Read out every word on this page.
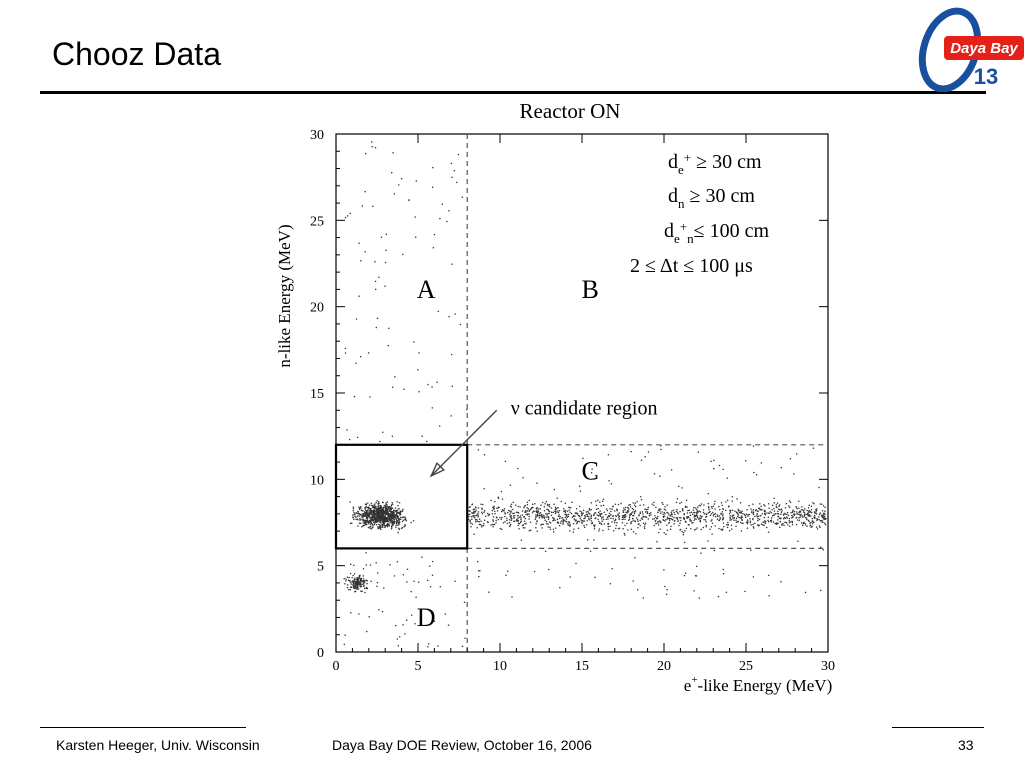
Chooz Data	Daya Bay
13
Reactor ON
0	5	10	15	20	25	30
0
5
10
15
20
25
30
A	B
C
D
ν candidate region
$d_e^+ \ge 30$ cm
$d_n \ge 30$ cm
$d_e^+_n\le 100$ cm
2 ≤ Δt ≤ 100 μs
e+-like Energy (MeV)
n-like Energy (MeV)
Karsten Heeger, Univ. Wisconsin	Daya Bay DOE Review, October 16, 2006	33
